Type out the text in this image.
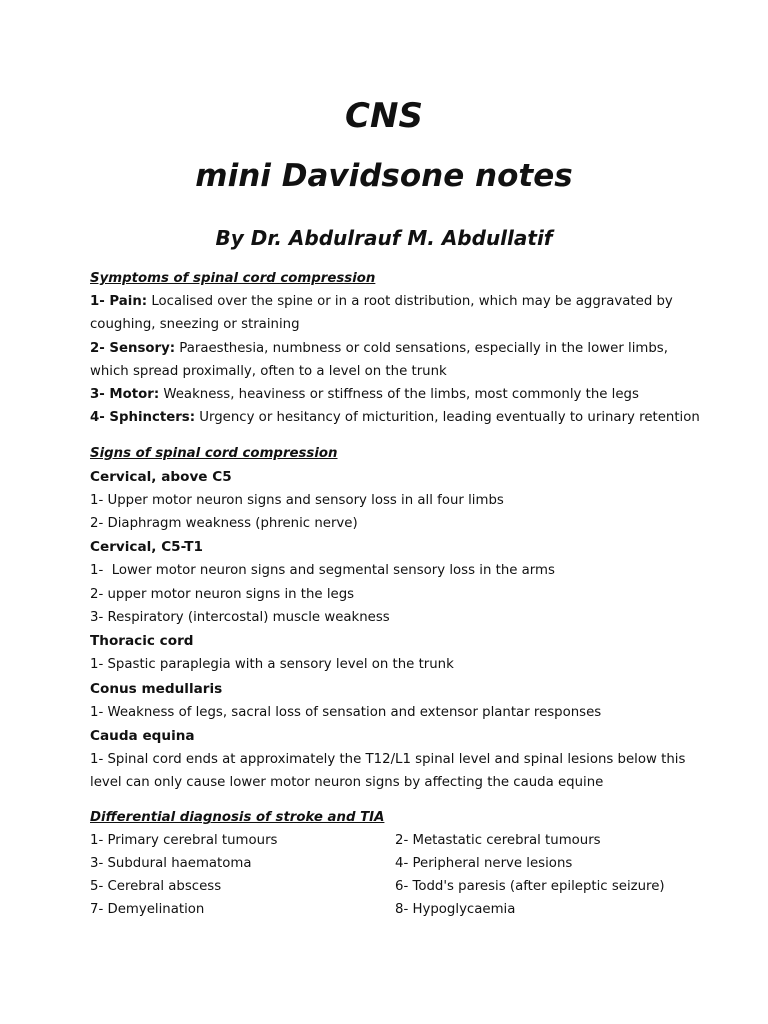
CNS
mini Davidsone notes
By Dr. Abdulrauf M. Abdullatif

Symptoms of spinal cord compression

1- Pain: Localised over the spine or in a root distribution, which may be aggravated by

coughing, sneezing or straining

2- Sensory: Paraesthesia, numbness or cold sensations, especially in the lower limbs,

which spread proximally, often to a level on the trunk

3- Motor: Weakness, heaviness or stiffness of the limbs, most commonly the legs

4- Sphincters: Urgency or hesitancy of micturition, leading eventually to urinary retention

Signs of spinal cord compression

Cervical, above C5

1- Upper motor neuron signs and sensory loss in all four limbs

2- Diaphragm weakness (phrenic nerve)

Cervical, C5-T1

1-  Lower motor neuron signs and segmental sensory loss in the arms

2- upper motor neuron signs in the legs

3- Respiratory (intercostal) muscle weakness

Thoracic cord

1- Spastic paraplegia with a sensory level on the trunk

Conus medullaris

1- Weakness of legs, sacral loss of sensation and extensor plantar responses

Cauda equina

1- Spinal cord ends at approximately the T12/L1 spinal level and spinal lesions below this

level can only cause lower motor neuron signs by affecting the cauda equine

Differential diagnosis of stroke and TIA

1- Primary cerebral tumours	2- Metastatic cerebral tumours

3- Subdural haematoma	4- Peripheral nerve lesions

5- Cerebral abscess	6- Todd's paresis (after epileptic seizure)

7- Demyelination	8- Hypoglycaemia
